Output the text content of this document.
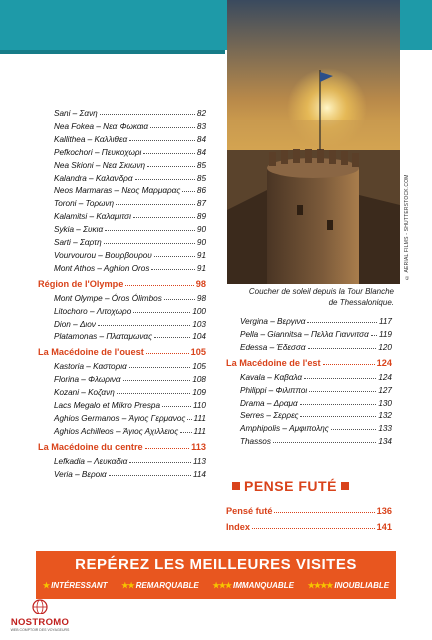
© AERIAL FILMS - SHUTTERSTOCK.COM
Coucher de soleil depuis la Tour Blanche
de Thessalonique.
Sani – Σανη	82
Nea Fokea – Νεα Φωκαια	83
Kallithea – Καλλιθεα	84
Pefkochori – Πευκοχωρι	84
Nea Skioni – Νεα Σκιωνη	85
Kalandra – Καλανδρα	85
Neos Marmaras – Νεος Μαρμαρας 86
Toroni – Τορωνη	87
Kalamitsi – Καλαμιτσι	89
Sykia – Συκια	90
Sarti – Σαρτη	90
Vourvourou – Βουρβουρου	91
Mont Athos – Aghion Oros	91
Région de l'Olympe	98
Mont Olympe – Óros Ólimbos	98
Litochoro – Λιτοχωρο	100
Dion – Διον	103
Platamonas – Πλαταμωνας	104
La Macédoine de l'ouest	105
Kastoria – Καστορια	105
Florina – Φλωρινα	108
Kozani – Κοζανη	109
Lacs Megalo et Mikro Prespa	110
Aghios Germanos – Άγιος Γερμανος 111
Aghios Achilleos – Άγιος Αχιλλειος 111
La Macédoine du centre	113
Lefkadia – Λευκαδια	113
Veria – Βεροια	114
Vergina – Βεργινα	117
Pella – Giannitsa – Πελλα Γιαννιτσα 119
Edessa – Έδεσσα	120
La Macédoine de l'est	124
Kavala – Καβαλα	124
Philippi – Φιλιπποι	127
Drama – Δραμα	130
Serres – Σερρες	132
Amphipolis – Αμφιπολης	133
Thassos	134
PENSE FUTÉ
Pensé futé	136
Index	141
REPÉREZ LES MEILLEURES VISITES
★ INTÉRESSANT ★★ REMARQUABLE ★★★ IMMANQUABLE ★★★★ INOUBLIABLE
NOSTROMO
WEB COMPTOIR DES VOYAGEURS
